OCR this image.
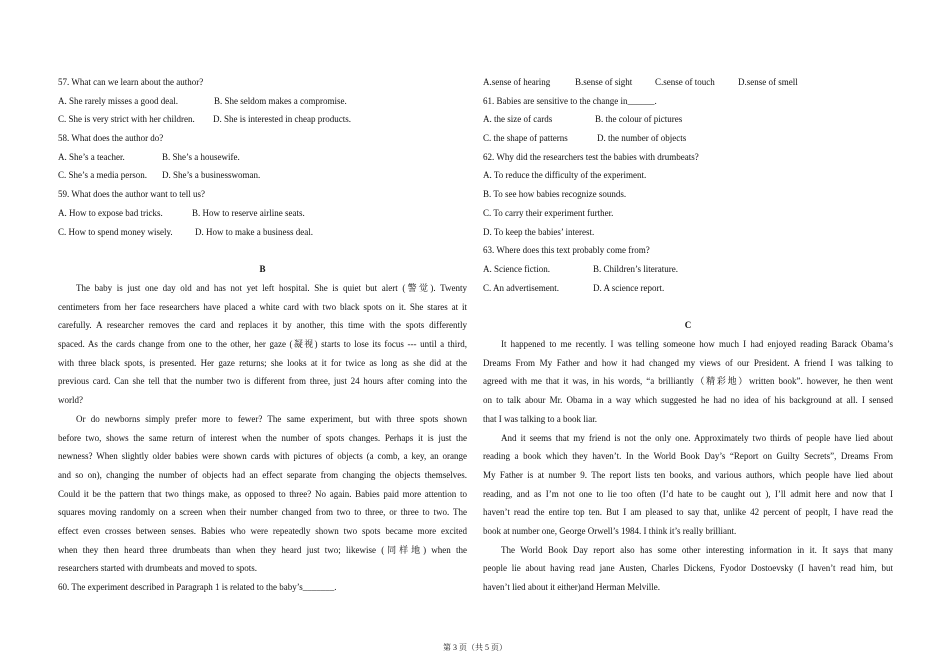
57. What can we learn about the author?
A. She rarely misses a good deal.	B. She seldom makes a compromise.
C. She is very strict with her children. D. She is interested in cheap products.
58. What does the author do?
A. She’s a teacher.	B. She’s a housewife.
C. She’s a media person. D. She’s a businesswoman.
59. What does the author want to tell us?
A. How to expose bad tricks.	B. How to reserve airline seats.
C. How to spend money wisely. D. How to make a business deal.
B
The baby is just one day old and has not yet left hospital. She is quiet but alert (警觉). Twenty
centimeters from her face researchers have placed a white card with two black spots on it. She stares at it
carefully. A researcher removes the card and replaces it by another, this time with the spots differently
spaced. As the cards change from one to the other, her gaze (凝视) starts to lose its focus --- until a third,
with three black spots, is presented. Her gaze returns; she looks at it for twice as long as she did at the
previous card. Can she tell that the number two is different from three, just 24 hours after coming into the
world?
Or do newborns simply prefer more to fewer? The same experiment, but with three spots shown
before two, shows the same return of interest when the number of spots changes. Perhaps it is just the
newness? When slightly older babies were shown cards with pictures of objects (a comb, a key, an orange
and so on), changing the number of objects had an effect separate from changing the objects themselves.
Could it be the pattern that two things make, as opposed to three? No again. Babies paid more attention to
squares moving randomly on a screen when their number changed from two to three, or three to two. The
effect even crosses between senses. Babies who were repeatedly shown two spots became more excited
when they then heard three drumbeats than when they heard just two; likewise (同样地) when the
researchers started with drumbeats and moved to spots.
60. The experiment described in Paragraph 1 is related to the baby’s_______.
A.sense of hearing	B.sense of sight	C.sense of touch	D.sense of smell
61. Babies are sensitive to the change in______.
A. the size of cards	B. the colour of pictures
C. the shape of patterns	D. the number of objects
62. Why did the researchers test the babies with drumbeats?
A. To reduce the difficulty of the experiment.
B. To see how babies recognize sounds.
C. To carry their experiment further.
D. To keep the babies’ interest.
63. Where does this text probably come from?
A. Science fiction.	B. Children’s literature.
C. An advertisement.	D. A science report.
C
It happened to me recently. I was telling someone how much I had enjoyed reading Barack Obama’s
Dreams From My Father and how it had changed my views of our President. A friend I was talking to
agreed with me that it was, in his words, “a brilliantly（精彩地）written book”. however, he then went
on to talk abour Mr. Obama in a way which suggested he had no idea of his background at all. I sensed
that I was talking to a book liar.
And it seems that my friend is not the only one. Approximately two thirds of people have lied about
reading a book which they haven’t. In the World Book Day’s “Report on Guilty Secrets”, Dreams From
My Father is at number 9. The report lists ten books, and various authors, which people have lied about
reading, and as I’m not one to lie too often (I’d hate to be caught out ), I’ll admit here and now that I
haven’t read the entire top ten. But I am pleased to say that, unlike 42 percent of peoplt, I have read the
book at number one, George Orwell’s 1984. I think it’s really brilliant.
The World Book Day report also has some other interesting information in it. It says that many
people lie about having read jane Austen, Charles Dickens, Fyodor Dostoevsky (I haven’t read him, but
haven’t lied about it either)and Herman Melville.
第 3 页（共 5 页）
